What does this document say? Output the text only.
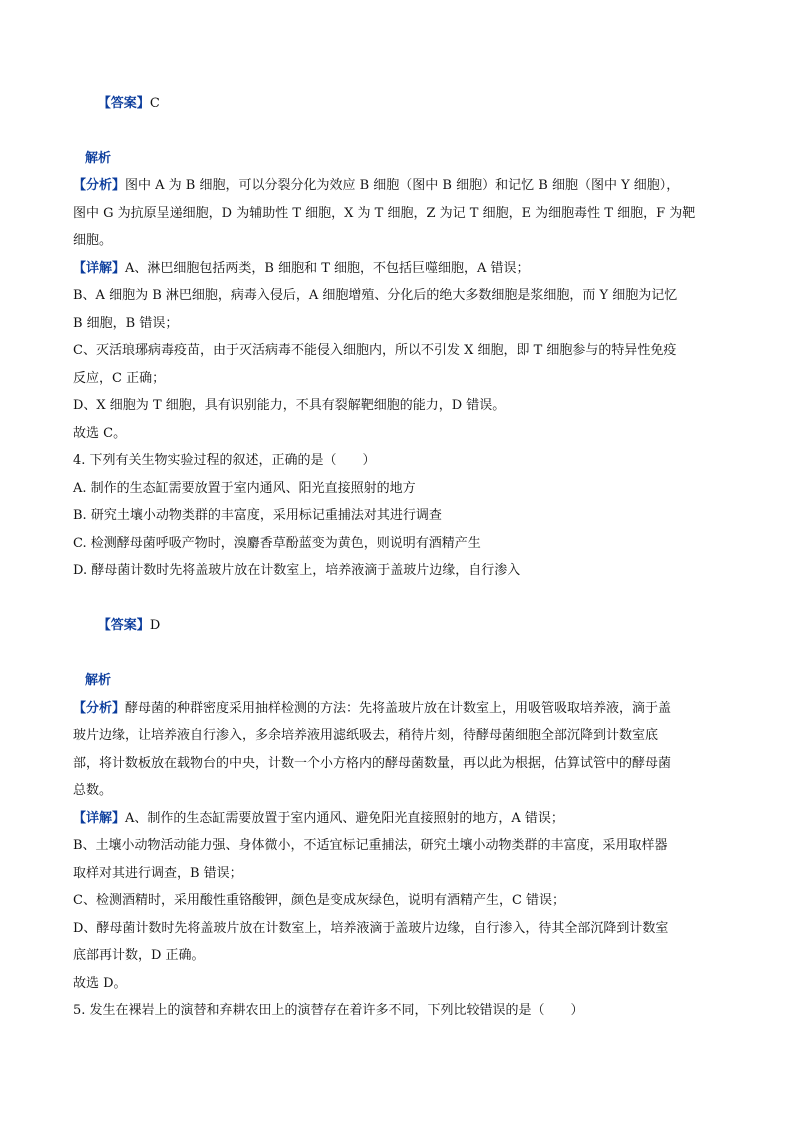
【答案】C

解析

【分析】图中 A 为 B 细胞，可以分裂分化为效应 B 细胞（图中 B 细胞）和记忆 B 细胞（图中 Y 细胞），

图中 G 为抗原呈递细胞，D 为辅助性 T 细胞，X 为 T 细胞，Z 为记 T 细胞，E 为细胞毒性 T 细胞，F 为靶

细胞。

【详解】A、淋巴细胞包括两类，B 细胞和 T 细胞，不包括巨噬细胞，A 错误；

B、A 细胞为 B 淋巴细胞，病毒入侵后，A 细胞增殖、分化后的绝大多数细胞是浆细胞，而 Y 细胞为记忆

B 细胞，B 错误；

C、灭活琅琊病毒疫苗，由于灭活病毒不能侵入细胞内，所以不引发 X 细胞，即 T 细胞参与的特异性免疫

反应，C 正确；

D、X 细胞为 T 细胞，具有识别能力，不具有裂解靶细胞的能力，D 错误。

故选 C。

4. 下列有关生物实验过程的叙述，正确的是（　　）

A. 制作的生态缸需要放置于室内通风、阳光直接照射的地方

B. 研究土壤小动物类群的丰富度，采用标记重捕法对其进行调查

C. 检测酵母菌呼吸产物时，溴麝香草酚蓝变为黄色，则说明有酒精产生

D. 酵母菌计数时先将盖玻片放在计数室上，培养液滴于盖玻片边缘，自行渗入

【答案】D

解析

【分析】酵母菌的种群密度采用抽样检测的方法：先将盖玻片放在计数室上，用吸管吸取培养液，滴于盖

玻片边缘，让培养液自行渗入，多余培养液用滤纸吸去，稍待片刻，待酵母菌细胞全部沉降到计数室底

部，将计数板放在载物台的中央，计数一个小方格内的酵母菌数量，再以此为根据，估算试管中的酵母菌

总数。

【详解】A、制作的生态缸需要放置于室内通风、避免阳光直接照射的地方，A 错误；

B、土壤小动物活动能力强、身体微小，不适宜标记重捕法，研究土壤小动物类群的丰富度，采用取样器

取样对其进行调查，B 错误；

C、检测酒精时，采用酸性重铬酸钾，颜色是变成灰绿色，说明有酒精产生，C 错误；

D、酵母菌计数时先将盖玻片放在计数室上，培养液滴于盖玻片边缘，自行渗入，待其全部沉降到计数室

底部再计数，D 正确。

故选 D。

5. 发生在裸岩上的演替和弃耕农田上的演替存在着许多不同，下列比较错误的是（　　）
